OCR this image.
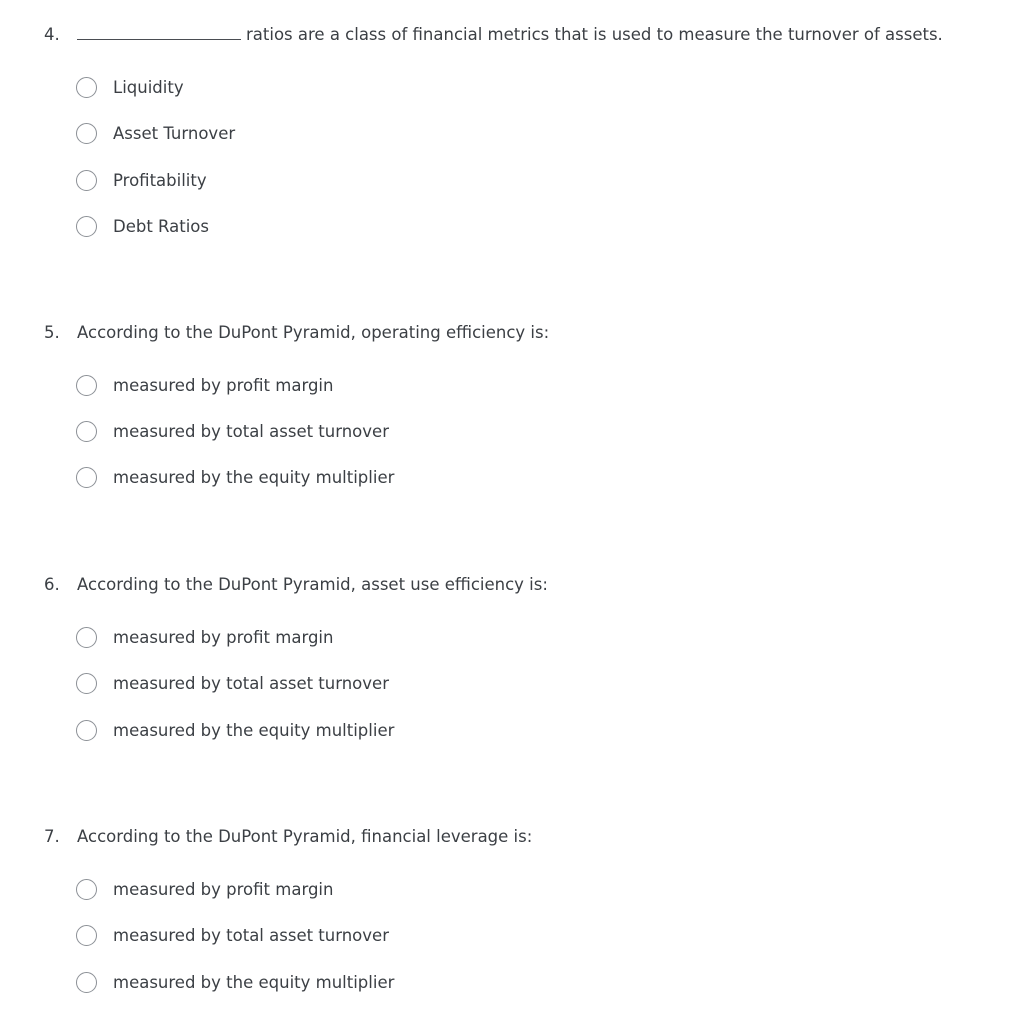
4.	ratios are a class of financial metrics that is used to measure the turnover of assets.
Liquidity
Asset Turnover
Profitability
Debt Ratios
5. According to the DuPont Pyramid, operating efficiency is:
measured by profit margin
measured by total asset turnover
measured by the equity multiplier
6. According to the DuPont Pyramid, asset use efficiency is:
measured by profit margin
measured by total asset turnover
measured by the equity multiplier
7. According to the DuPont Pyramid, financial leverage is:
measured by profit margin
measured by total asset turnover
measured by the equity multiplier
